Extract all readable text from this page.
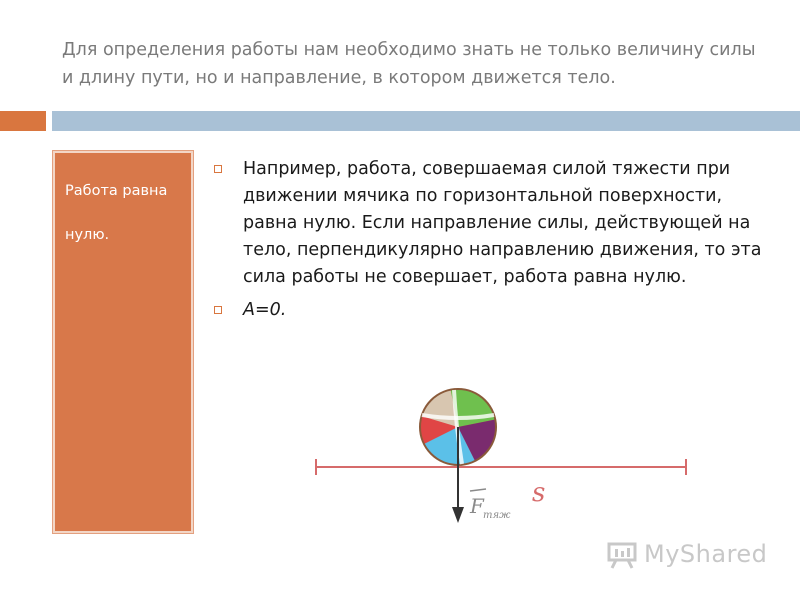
Для определения работы нам необходимо знать не только величину силы и длину пути, но и направление, в котором движется тело.
Работа равна
нулю.
Например, работа, совершаемая силой тяжести при движении мячика по горизонтальной поверхности, равна нулю. Если направление силы, действующей на тело, перпендикулярно направлению движения, то эта сила работы не совершает, работа равна нулю.
A=0.
F тяж
s
MyShared
